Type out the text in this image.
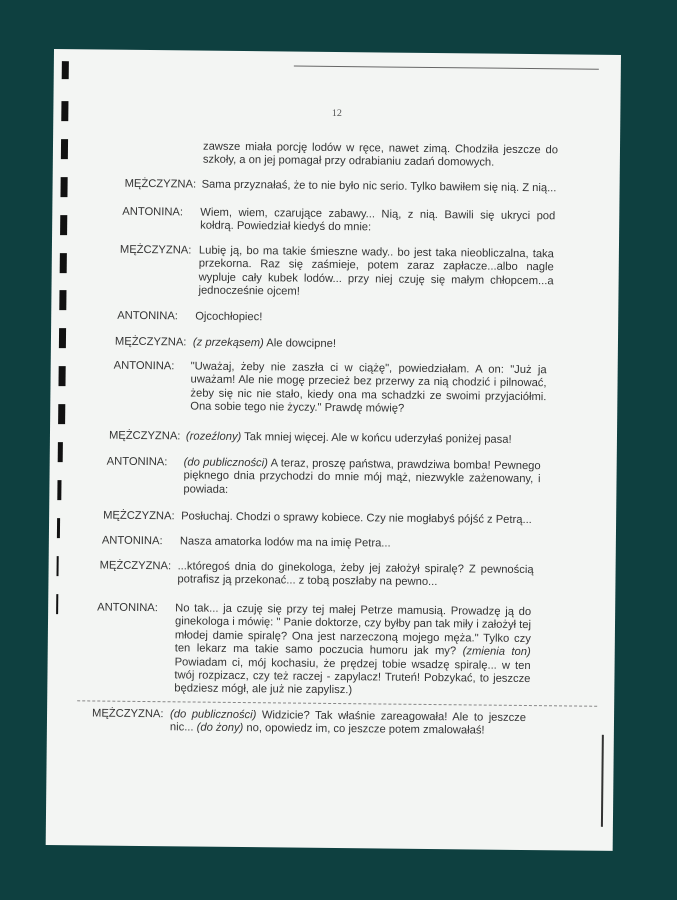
12
zawsze miała porcję lodów w ręce, nawet zimą. Chodziła jeszcze do szkoły, a on jej pomagał przy odrabianiu zadań domowych.
MĘŻCZYZNA: Sama przyznałaś, że to nie było nic serio. Tylko bawiłem się nią. Z nią...
ANTONINA: Wiem, wiem, czarujące zabawy... Nią, z nią. Bawili się ukryci pod kołdrą. Powiedział kiedyś do mnie:
MĘŻCZYZNA: Lubię ją, bo ma takie śmieszne wady.. bo jest taka nieobliczalna, taka przekorna. Raz się zaśmieje, potem zaraz zapłacze...albo nagle wypluje cały kubek lodów... przy niej czuję się małym chłopcem...a jednocześnie ojcem!
ANTONINA: Ojcochłopiec!
MĘŻCZYZNA: (z przekąsem) Ale dowcipne!
ANTONINA: "Uważaj, żeby nie zaszła ci w ciążę", powiedziałam. A on: "Już ja uważam! Ale nie mogę przecież bez przerwy za nią chodzić i pilnować, żeby się nic nie stało, kiedy ona ma schadzki ze swoimi przyjaciółmi. Ona sobie tego nie życzy." Prawdę mówię?
MĘŻCZYZNA: (rozeźlony) Tak mniej więcej. Ale w końcu uderzyłaś poniżej pasa!
ANTONINA: (do publiczności) A teraz, proszę państwa, prawdziwa bomba! Pewnego pięknego dnia przychodzi do mnie mój mąż, niezwykle zażenowany, i powiada:
MĘŻCZYZNA: Posłuchaj. Chodzi o sprawy kobiece. Czy nie mogłabyś pójść z Petrą...
ANTONINA: Nasza amatorka lodów ma na imię Petra...
MĘŻCZYZNA: ...któregoś dnia do ginekologa, żeby jej założył spiralę? Z pewnością potrafisz ją przekonać... z tobą poszłaby na pewno...
ANTONINA: No tak... ja czuję się przy tej małej Petrze mamusią. Prowadzę ją do ginekologa i mówię: " Panie doktorze, czy byłby pan tak miły i założył tej młodej damie spiralę? Ona jest narzeczoną mojego męża." Tylko czy ten lekarz ma takie samo poczucia humoru jak my? (zmienia ton) Powiadam ci, mój kochasiu, że prędzej tobie wsadzę spiralę... w ten twój rozpizacz, czy też raczej - zapylacz! Truteń! Pobzykać, to jeszcze będziesz mógł, ale już nie zapylisz.)
MĘŻCZYZNA: (do publiczności) Widzicie? Tak właśnie zareagowała! Ale to jeszcze nic... (do żony) no, opowiedz im, co jeszcze potem zmalowałaś!
